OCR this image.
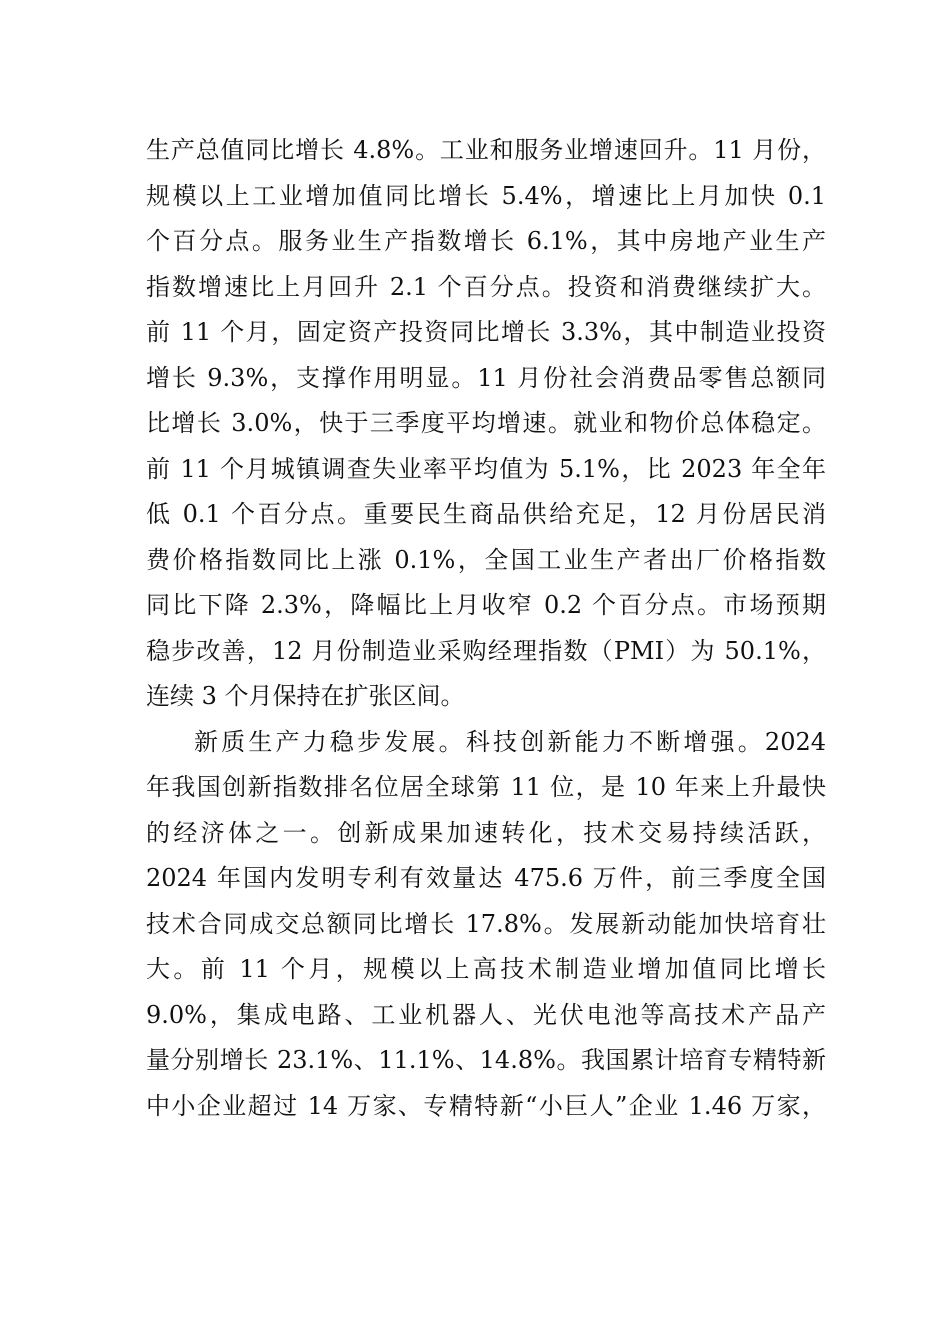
生产总值同比增长 4.8%。工业和服务业增速回升。11 月份，
规模以上工业增加值同比增长 5.4%，增速比上月加快 0.1
个百分点。服务业生产指数增长 6.1%，其中房地产业生产
指数增速比上月回升 2.1 个百分点。投资和消费继续扩大。
前 11 个月，固定资产投资同比增长 3.3%，其中制造业投资
增长 9.3%，支撑作用明显。11 月份社会消费品零售总额同
比增长 3.0%，快于三季度平均增速。就业和物价总体稳定。
前 11 个月城镇调查失业率平均值为 5.1%，比 2023 年全年
低 0.1 个百分点。重要民生商品供给充足，12 月份居民消
费价格指数同比上涨 0.1%，全国工业生产者出厂价格指数
同比下降 2.3%，降幅比上月收窄 0.2 个百分点。市场预期
稳步改善，12 月份制造业采购经理指数（PMI）为 50.1%，
连续 3 个月保持在扩张区间。
新质生产力稳步发展。科技创新能力不断增强。2024
年我国创新指数排名位居全球第 11 位，是 10 年来上升最快
的经济体之一。创新成果加速转化，技术交易持续活跃，
2024 年国内发明专利有效量达 475.6 万件，前三季度全国
技术合同成交总额同比增长 17.8%。发展新动能加快培育壮
大。前 11 个月，规模以上高技术制造业增加值同比增长
9.0%，集成电路、工业机器人、光伏电池等高技术产品产
量分别增长 23.1%、11.1%、14.8%。我国累计培育专精特新
中小企业超过 14 万家、专精特新“小巨人”企业 1.46 万家，
